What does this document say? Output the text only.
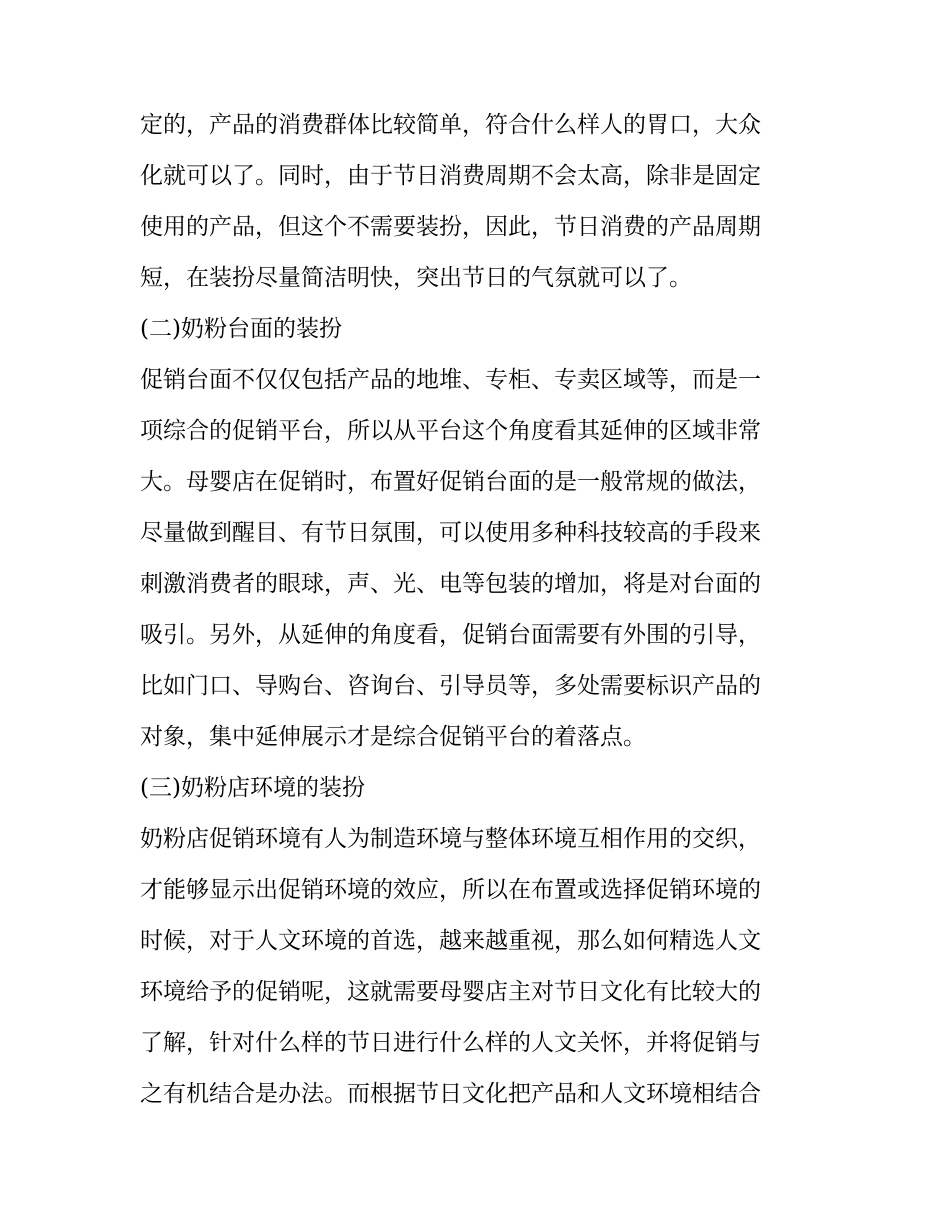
定的，产品的消费群体比较简单，符合什么样人的胃口，大众
化就可以了。同时，由于节日消费周期不会太高，除非是固定
使用的产品，但这个不需要装扮，因此，节日消费的产品周期
短，在装扮尽量简洁明快，突出节日的气氛就可以了。
(二)奶粉台面的装扮
促销台面不仅仅包括产品的地堆、专柜、专卖区域等，而是一
项综合的促销平台，所以从平台这个角度看其延伸的区域非常
大。母婴店在促销时，布置好促销台面的是一般常规的做法，
尽量做到醒目、有节日氛围，可以使用多种科技较高的手段来
刺激消费者的眼球，声、光、电等包装的增加，将是对台面的
吸引。另外，从延伸的角度看，促销台面需要有外围的引导，
比如门口、导购台、咨询台、引导员等，多处需要标识产品的
对象，集中延伸展示才是综合促销平台的着落点。
(三)奶粉店环境的装扮
奶粉店促销环境有人为制造环境与整体环境互相作用的交织，
才能够显示出促销环境的效应，所以在布置或选择促销环境的
时候，对于人文环境的首选，越来越重视，那么如何精选人文
环境给予的促销呢，这就需要母婴店主对节日文化有比较大的
了解，针对什么样的节日进行什么样的人文关怀，并将促销与
之有机结合是办法。而根据节日文化把产品和人文环境相结合
